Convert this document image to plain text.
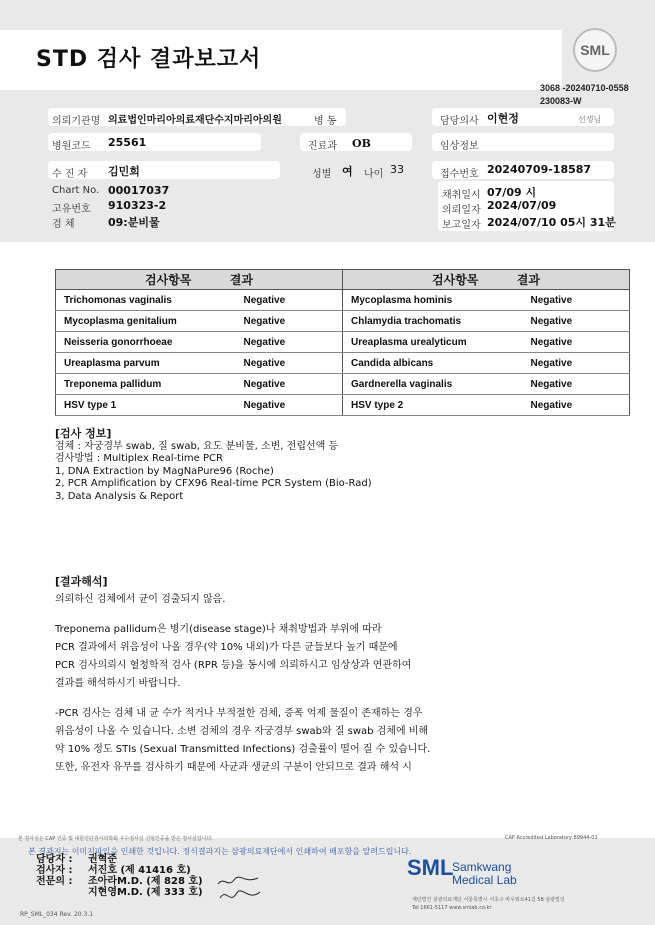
STD 검사 결과보고서	SML
3068 -20240710-0558
230083-W
의뢰기관명 의료법인마리아의료재단수지마리아의원	병 동	담당의사 이현정	선생님
병원코드 25561	진료과 OB	임상정보
수 진 자 김민희	성별 여 나이 33	접수번호 20240709-18587
Chart No. 00017037
고유번호 910323-2
검 체	09:분비물
채취일시 07/09 시
의뢰일자 2024/07/09
보고일자 2024/07/10 05시 31분
검사항목 결과		검사항목 결과	
Trichomonas vaginalis	Negative	Mycoplasma hominis	Negative
Mycoplasma genitalium	Negative	Chlamydia trachomatis	Negative
Neisseria gonorrhoeae	Negative	Ureaplasma urealyticum	Negative
Ureaplasma parvum	Negative	Candida albicans	Negative
Treponema pallidum	Negative	Gardnerella vaginalis	Negative
HSV type 1	Negative	HSV type 2	Negative
[검사 정보]
검체 : 자궁경부 swab, 질 swab, 요도 분비물, 소변, 전립선액 등
검사방법 : Multiplex Real-time PCR
1, DNA Extraction by MagNaPure96 (Roche)
2, PCR Amplification by CFX96 Real-time PCR System (Bio-Rad)
3, Data Analysis & Report
[결과해석]
의뢰하신 검체에서 균이 검출되지 않음.
Treponema pallidum은 병기(disease stage)나 채취방법과 부위에 따라
PCR 결과에서 위음성이 나올 경우(약 10% 내외)가 다른 균들보다 높기 때문에
PCR 검사의뢰시 혈청학적 검사 (RPR 등)을 동시에 의뢰하시고 임상상과 연관하여
결과를 해석하시기 바랍니다.
-PCR 검사는 검체 내 균 수가 적거나 부적절한 검체, 증폭 억제 물질이 존재하는 경우
위음성이 나올 수 있습니다. 소변 검체의 경우 자궁경부 swab와 질 swab 검체에 비해
약 10% 정도 STIs (Sexual Transmitted Infections) 검출률이 떨어 질 수 있습니다.
또한, 유전자 유무를 검사하기 때문에 사균과 생균의 구분이 안되므로 결과 해석 시
본 검사실은 CAP 인증 및 대한진단검사의학회 우수검사실 신임인증을 받은 검사실입니다.	CAP Accredited Laboratory 89944-01
본 결과지는 이미지파일을 인쇄한 것입니다. 정식결과지는 삼광의료재단에서 인쇄하여 배포함을 알려드립니다.
담당자 : 권혁준
검사자 : 서진호 (제 41416 호)
전문의 : 조아라M.D. (제 828 호)
지현영M.D. (제 333 호)
SML
Samkwang
Medical Lab
재단법인 삼광의료재단 서울특별시 서초구 바우뫼로41길 58 삼광빌딩
Tel 1661-5117 www.smlab.co.kr
RP_SML_034 Rev. 20.3.1
